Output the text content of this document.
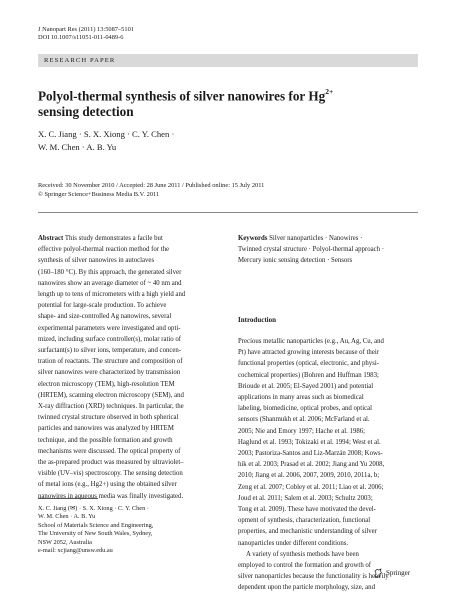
J Nanopart Res (2011) 13:5087–5101
DOI 10.1007/s11051-011-0489-6
RESEARCH PAPER
Polyol-thermal synthesis of silver nanowires for $Hg^{2+}$
sensing detection
X. C. Jiang · S. X. Xiong · C. Y. Chen ·
W. M. Chen · A. B. Yu
Received: 30 November 2010 / Accepted: 28 June 2011 / Published online: 15 July 2011
© Springer Science+Business Media B.V. 2011
Abstract This study demonstrates a facile but
effective polyol-thermal reaction method for the
synthesis of silver nanowires in autoclaves
(160–180 °C). By this approach, the generated silver
nanowires show an average diameter of ~ 40 nm and
length up to tens of micrometers with a high yield and
potential for large-scale production. To achieve
shape- and size-controlled Ag nanowires, several
experimental parameters were investigated and opti-
mized, including surface controller(s), molar ratio of
surfactant(s) to silver ions, temperature, and concen-
tration of reactants. The structure and composition of
silver nanowires were characterized by transmission
electron microscopy (TEM), high-resolution TEM
(HRTEM), scanning electron microscopy (SEM), and
X-ray diffraction (XRD) techniques. In particular, the
twinned crystal structure observed in both spherical
particles and nanowires was analyzed by HRTEM
technique, and the possible formation and growth
mechanisms were discussed. The optical property of
the as-prepared product was measured by ultraviolet–
visible (UV–vis) spectroscopy. The sensing detection
of metal ions (e.g., Hg2+) using the obtained silver
nanowires in aqueous media was finally investigated.
Keywords Silver nanoparticles · Nanowires ·
Twinned crystal structure · Polyol-thermal approach ·
Mercury ionic sensing detection · Sensors
Introduction
Precious metallic nanoparticles (e.g., Au, Ag, Cu, and
Pt) have attracted growing interests because of their
functional properties (optical, electronic, and physi-
cochemical properties) (Bohren and Huffman 1983;
Brioude et al. 2005; El-Sayed 2001) and potential
applications in many areas such as biomedical
labeling, biomedicine, optical probes, and optical
sensors (Shanmukh et al. 2006; McFarland et al.
2005; Nie and Emory 1997; Hache et al. 1986;
Haglund et al. 1993; Tokizaki et al. 1994; West et al.
2003; Pastoriza-Santos and Liz-Marzán 2008; Kows-
hik et al. 2003; Prasad et al. 2002; Jiang and Yu 2008,
2010; Jiang et al. 2006, 2007, 2009, 2010, 2011a, b;
Zeng et al. 2007; Cobley et al. 2011; Liao et al. 2006;
Joud et al. 2011; Salem et al. 2003; Schultz 2003;
Tong et al. 2009). These have motivated the devel-
opment of synthesis, characterization, functional
properties, and mechanistic understanding of silver
nanoparticles under different conditions.
A variety of synthesis methods have been
employed to control the formation and growth of
silver nanoparticles because the functionality is heavily
dependent upon the particle morphology, size, and
X. C. Jiang (✉) · S. X. Xiong · C. Y. Chen ·
W. M. Chen · A. B. Yu
School of Materials Science and Engineering,
The University of New South Wales, Sydney,
NSW 2052, Australia
e-mail: xcjiang@unsw.edu.au
Springer
